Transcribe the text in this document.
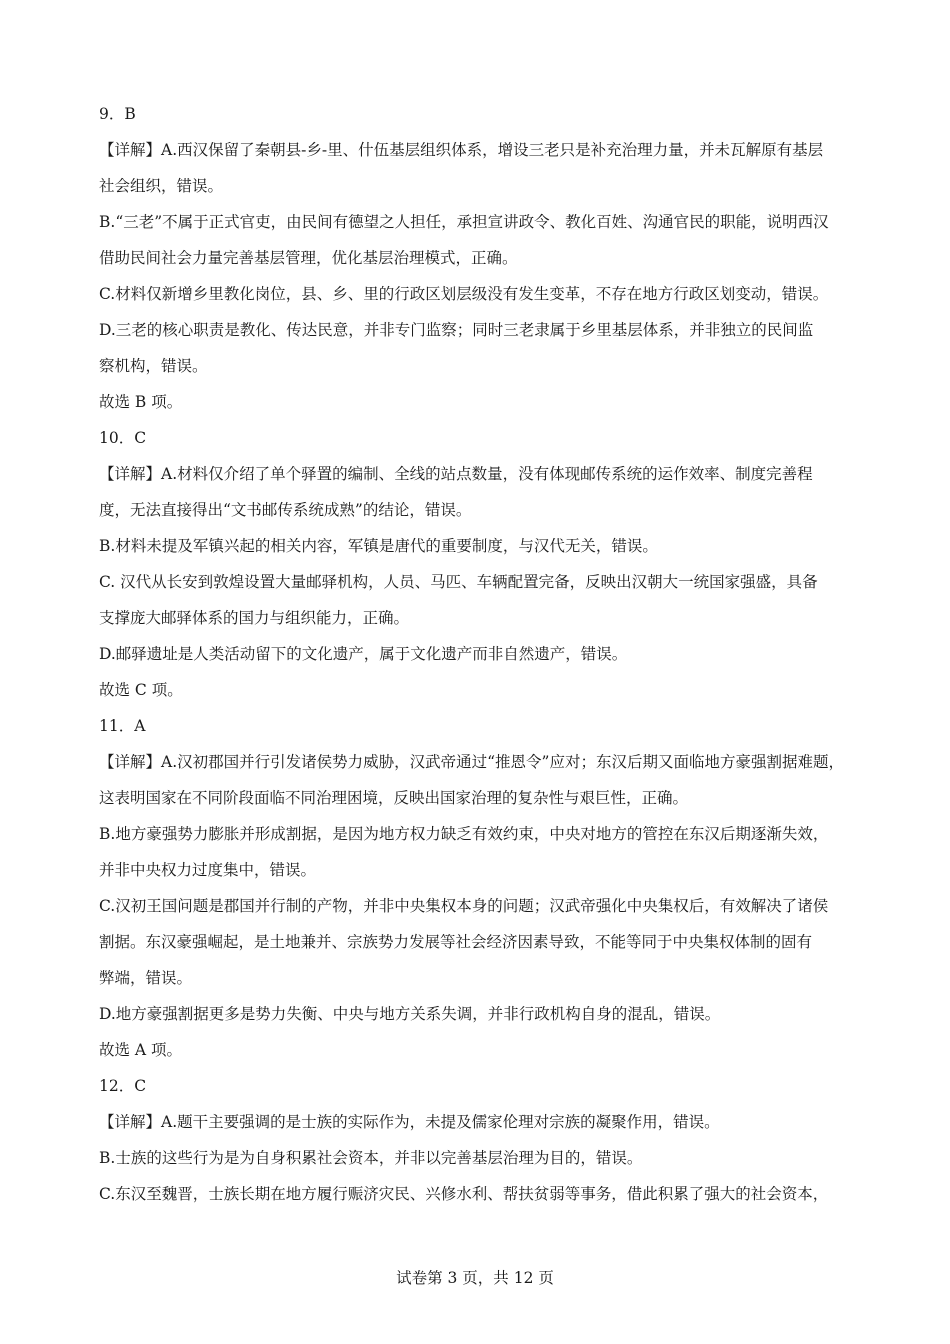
9．B
【详解】A.西汉保留了秦朝县-乡-里、什伍基层组织体系，增设三老只是补充治理力量，并未瓦解原有基层
社会组织，错误。
B.“三老”不属于正式官吏，由民间有德望之人担任，承担宣讲政令、教化百姓、沟通官民的职能，说明西汉
借助民间社会力量完善基层管理，优化基层治理模式，正确。
C.材料仅新增乡里教化岗位，县、乡、里的行政区划层级没有发生变革，不存在地方行政区划变动，错误。
D.三老的核心职责是教化、传达民意，并非专门监察；同时三老隶属于乡里基层体系，并非独立的民间监
察机构，错误。
故选 B 项。
10．C
【详解】A.材料仅介绍了单个驿置的编制、全线的站点数量，没有体现邮传系统的运作效率、制度完善程
度，无法直接得出“文书邮传系统成熟”的结论，错误。
B.材料未提及军镇兴起的相关内容，军镇是唐代的重要制度，与汉代无关，错误。
C. 汉代从长安到敦煌设置大量邮驿机构，人员、马匹、车辆配置完备，反映出汉朝大一统国家强盛，具备
支撑庞大邮驿体系的国力与组织能力，正确。
D.邮驿遗址是人类活动留下的文化遗产，属于文化遗产而非自然遗产，错误。
故选 C 项。
11．A
【详解】A.汉初郡国并行引发诸侯势力威胁，汉武帝通过“推恩令”应对；东汉后期又面临地方豪强割据难题，
这表明国家在不同阶段面临不同治理困境，反映出国家治理的复杂性与艰巨性，正确。
B.地方豪强势力膨胀并形成割据，是因为地方权力缺乏有效约束，中央对地方的管控在东汉后期逐渐失效，
并非中央权力过度集中，错误。
C.汉初王国问题是郡国并行制的产物，并非中央集权本身的问题；汉武帝强化中央集权后，有效解决了诸侯
割据。东汉豪强崛起，是土地兼并、宗族势力发展等社会经济因素导致，不能等同于中央集权体制的固有
弊端，错误。
D.地方豪强割据更多是势力失衡、中央与地方关系失调，并非行政机构自身的混乱，错误。
故选 A 项。
12．C
【详解】A.题干主要强调的是士族的实际作为，未提及儒家伦理对宗族的凝聚作用，错误。
B.士族的这些行为是为自身积累社会资本，并非以完善基层治理为目的，错误。
C.东汉至魏晋，士族长期在地方履行赈济灾民、兴修水利、帮扶贫弱等事务，借此积累了强大的社会资本，
试卷第 3 页，共 12 页
